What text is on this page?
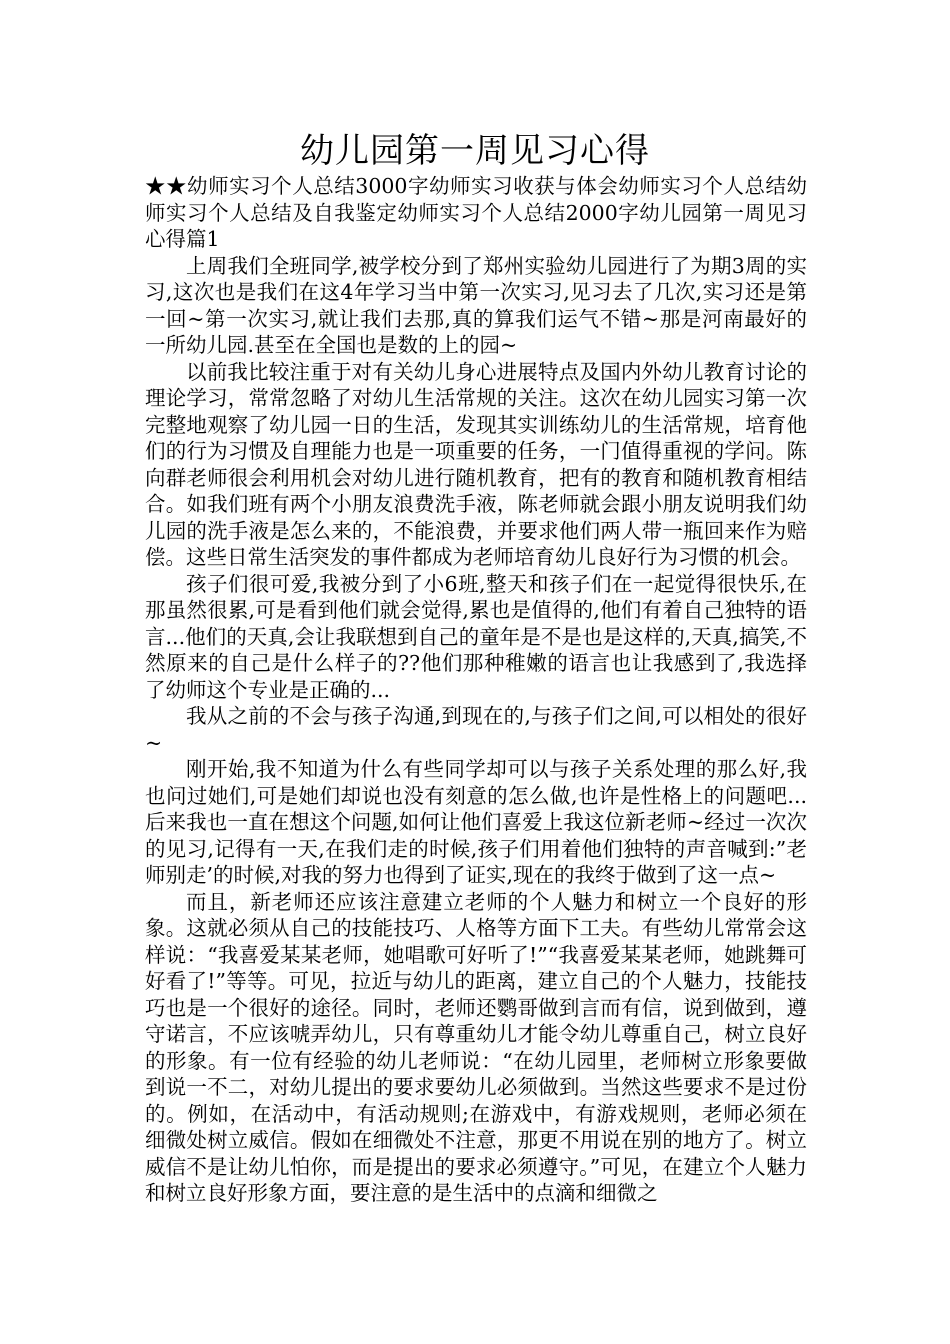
幼儿园第一周见习心得

★★幼师实习个人总结3000字幼师实习收获与体会幼师实习个人总结幼师实习个人总结及自我鉴定幼师实习个人总结2000字幼儿园第一周见习心得篇1

上周我们全班同学,被学校分到了郑州实验幼儿园进行了为期3周的实习,这次也是我们在这4年学习当中第一次实习,见习去了几次,实习还是第一回~第一次实习,就让我们去那,真的算我们运气不错~那是河南最好的一所幼儿园.甚至在全国也是数的上的园~

以前我比较注重于对有关幼儿身心进展特点及国内外幼儿教育讨论的理论学习，常常忽略了对幼儿生活常规的关注。这次在幼儿园实习第一次完整地观察了幼儿园一日的生活，发现其实训练幼儿的生活常规，培育他们的行为习惯及自理能力也是一项重要的任务，一门值得重视的学问。陈向群老师很会利用机会对幼儿进行随机教育，把有的教育和随机教育相结合。如我们班有两个小朋友浪费洗手液，陈老师就会跟小朋友说明我们幼儿园的洗手液是怎么来的，不能浪费，并要求他们两人带一瓶回来作为赔偿。这些日常生活突发的事件都成为老师培育幼儿良好行为习惯的机会。

孩子们很可爱,我被分到了小6班,整天和孩子们在一起觉得很快乐,在那虽然很累,可是看到他们就会觉得,累也是值得的,他们有着自己独特的语言...他们的天真,会让我联想到自己的童年是不是也是这样的,天真,搞笑,不然原来的自己是什么样子的??他们那种稚嫩的语言也让我感到了,我选择了幼师这个专业是正确的...

我从之前的不会与孩子沟通,到现在的,与孩子们之间,可以相处的很好~

刚开始,我不知道为什么有些同学却可以与孩子关系处理的那么好,我也问过她们,可是她们却说也没有刻意的怎么做,也许是性格上的问题吧...后来我也一直在想这个问题,如何让他们喜爱上我这位新老师~经过一次次的见习,记得有一天,在我们走的时候,孩子们用着他们独特的声音喊到:”老师别走’的时候,对我的努力也得到了证实,现在的我终于做到了这一点~

而且，新老师还应该注意建立老师的个人魅力和树立一个良好的形象。这就必须从自己的技能技巧、人格等方面下工夫。有些幼儿常常会这样说：“我喜爱某某老师，她唱歌可好听了!”“我喜爱某某老师，她跳舞可好看了!”等等。可见，拉近与幼儿的距离，建立自己的个人魅力，技能技巧也是一个很好的途径。同时，老师还鹦哥做到言而有信，说到做到，遵守诺言，不应该唬弄幼儿，只有尊重幼儿才能令幼儿尊重自己，树立良好的形象。有一位有经验的幼儿老师说：“在幼儿园里，老师树立形象要做到说一不二，对幼儿提出的要求要幼儿必须做到。当然这些要求不是过份的。例如，在活动中，有活动规则;在游戏中，有游戏规则，老师必须在细微处树立威信。假如在细微处不注意，那更不用说在别的地方了。树立威信不是让幼儿怕你，而是提出的要求必须遵守。”可见，在建立个人魅力和树立良好形象方面，要注意的是生活中的点滴和细微之
